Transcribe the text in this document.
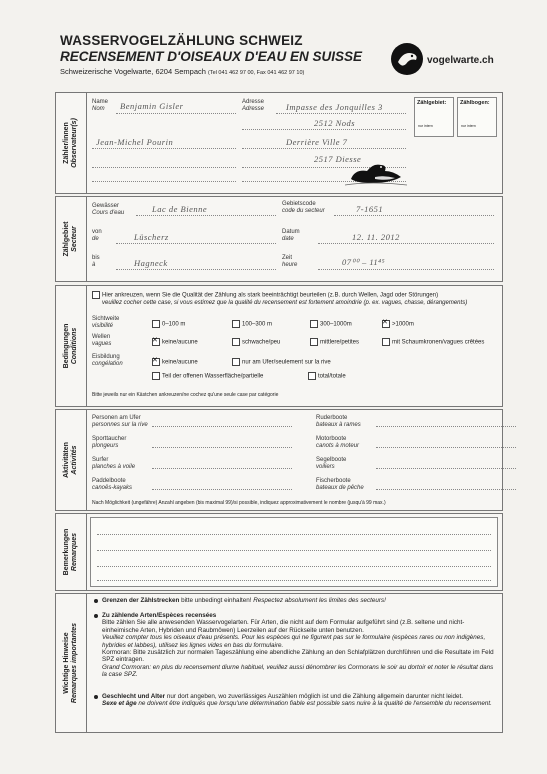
WASSERVOGELZÄHLUNG SCHWEIZ
RECENSEMENT D'OISEAUX D'EAU EN SUISSE
Schweizerische Vogelwarte, 6204 Sempach (Tel 041 462 97 00, Fax 041 462 97 10)
vogelwarte.ch
Zähler/innen
Observateur(s)
Name
Nom
Adresse
Adresse
Benjamin Gisler
Jean-Michel Pourin
Impasse des Jonquilles 3
2512 Nods
Derrière Ville 7
2517 Diesse
Zählgebiet:
nur intern
Zählbogen:
nur intern
Zählgebiet
Secteur
Gewässer
Cours d'eau	Lac de Bienne	Gebietscode
code du secteur	7-1651
von
de	Lüscherz	Datum
date	12. 11. 2012
bis
à	Hagneck	Zeit
heure	07⁰⁰ – 11⁴⁵
Bedingungen
Conditions
Hier ankreuzen, wenn Sie die Qualität der Zählung als stark beeinträchtigt beurteilen (z.B. durch Wellen, Jagd oder Störungen)
veuillez cocher cette case, si vous estimez que la qualité du recensement est fortement amoindrie (p. ex. vagues, chasse, dérangements)
Sichtweite
visibilité	0–100 m	100–300 m	300–1000m ✕	>1000m
Wellen
vagues ✕	keine/aucune	schwache/peu	mittlere/petites	mit Schaumkronen/vagues crêtées
Eisbildung
congélation ✕	keine/aucune	nur am Ufer/seulement sur la rive
Teil der offenen Wasserfläche/partielle	total/totale
Bitte jeweils nur ein Kästchen ankreuzen/ne cochez qu'une seule case par catégorie
Aktivitäten
Activités
Personen am Ufer
personnes sur la rive
Sporttaucher
plongeurs
Surfer
planches à voile
Paddelboote
canoës-kayaks
Ruderboote
bateaux à rames
Motorboote
canots à moteur
Segelboote
voiliers
Fischerboote
bateaux de pêche
Nach Möglichkeit (ungefähre) Anzahl angeben (bis maximal 99)/si possible, indiquez approximativement le nombre (jusqu'à 99 max.)
Bemerkungen
Remarques
Wichtige Hinweise
Remarques importantes
Grenzen der Zählstrecken bitte unbedingt einhalten! Respectez absolument les limites des secteurs!
Zu zählende Arten/Espèces recensées
Bitte zählen Sie alle anwesenden Wasservogelarten. Für Arten, die nicht auf dem Formular aufgeführt sind (z.B. seltene und nicht-einheimische Arten, Hybriden und Raubmöwen) Leerzeilen auf der Rückseite unten benutzen.
Veuillez compter tous les oiseaux d'eau présents. Pour les espèces qui ne figurent pas sur le formulaire (espèces rares ou non indigènes, hybrides et labbes), utilisez les lignes vides en bas du formulaire.
Kormoran: Bitte zusätzlich zur normalen Tageszählung eine abendliche Zählung an den Schlafplätzen durchführen und die Resultate im Feld SPZ eintragen.
Grand Cormoran: en plus du recensement diurne habituel, veuillez aussi dénombrer les Cormorans le soir au dortoir et noter le résultat dans la case SPZ.
Geschlecht und Alter nur dort angeben, wo zuverlässiges Auszählen möglich ist und die Zählung allgemein darunter nicht leidet.
Sexe et âge ne doivent être indiqués que lorsqu'une détermination fiable est possible sans nuire à la qualité de l'ensemble du recensement.
